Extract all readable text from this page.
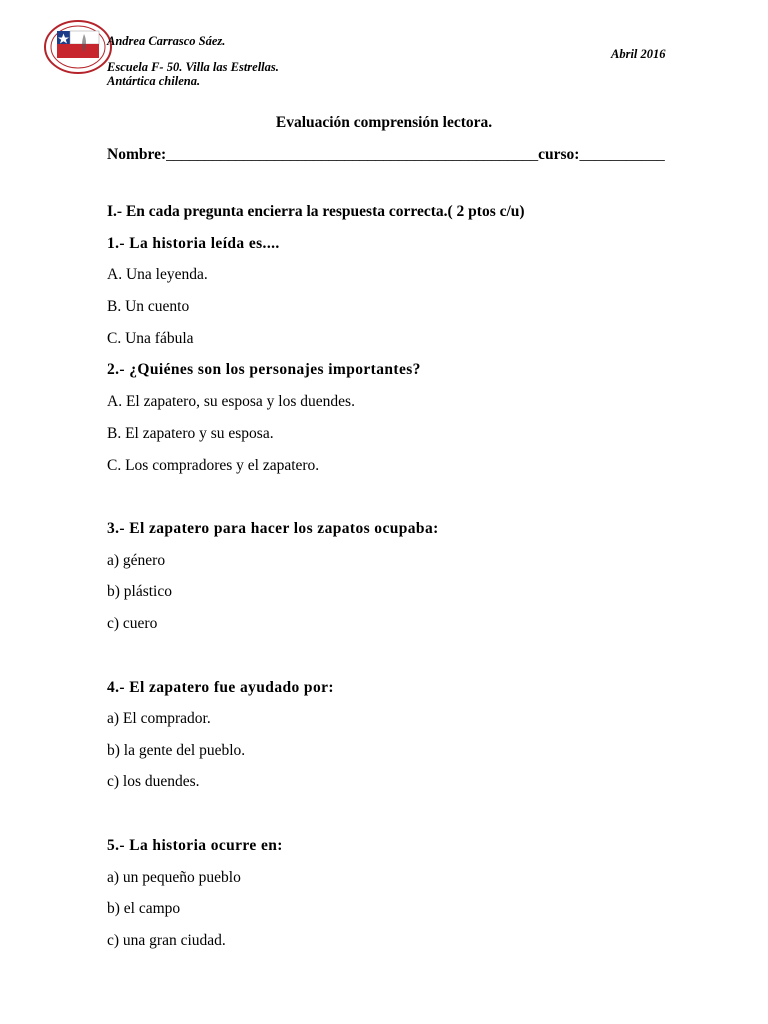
Andrea Carrasco Sáez.
Abril 2016
Escuela F- 50. Villa las Estrellas.
Antártica chilena.
Evaluación comprensión lectora.
Nombre:________________________________________________curso:___________
I.- En cada pregunta encierra la respuesta correcta.( 2 ptos c/u)
1.- La historia leída es....
A. Una leyenda.
B. Un cuento
C. Una fábula
2.- ¿Quiénes son los personajes importantes?
A. El zapatero, su esposa y los duendes.
B. El zapatero y su esposa.
C. Los compradores y el zapatero.
3.- El zapatero para hacer los zapatos ocupaba:
a) género
b) plástico
c) cuero
4.- El zapatero fue ayudado por:
a) El comprador.
b) la gente del pueblo.
c) los duendes.
5.- La historia ocurre en:
a) un pequeño pueblo
b) el campo
c) una gran ciudad.
